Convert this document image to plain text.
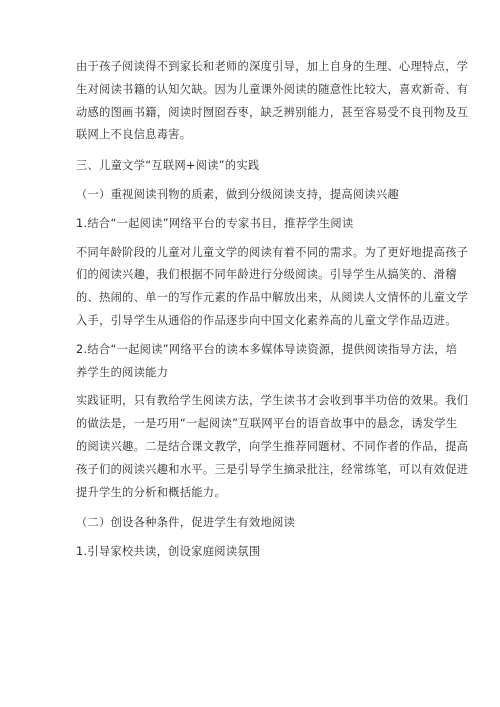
由于孩子阅读得不到家长和老师的深度引导，加上自身的生理、心理特点，学
生对阅读书籍的认知欠缺。因为儿童课外阅读的随意性比较大，喜欢新奇、有
动感的图画书籍，阅读时囫囵吞枣，缺乏辨别能力，甚至容易受不良刊物及互
联网上不良信息毒害。
三、儿童文学“互联网+阅读”的实践
（一）重视阅读刊物的质素，做到分级阅读支持，提高阅读兴趣
1.结合“一起阅读”网络平台的专家书目，推荐学生阅读
不同年龄阶段的儿童对儿童文学的阅读有着不同的需求。为了更好地提高孩子
们的阅读兴趣，我们根据不同年龄进行分级阅读。引导学生从搞笑的、滑稽
的、热闹的、单一的写作元素的作品中解放出来，从阅读人文情怀的儿童文学
入手，引导学生从通俗的作品逐步向中国文化素养高的儿童文学作品迈进。
2.结合“一起阅读”网络平台的读本多媒体导读资源，提供阅读指导方法，培
养学生的阅读能力
实践证明，只有教给学生阅读方法，学生读书才会收到事半功倍的效果。我们
的做法是，一是巧用“一起阅读”互联网平台的语音故事中的悬念，诱发学生
的阅读兴趣。二是结合课文教学，向学生推荐同题材、不同作者的作品，提高
孩子们的阅读兴趣和水平。三是引导学生摘录批注，经常练笔，可以有效促进
提升学生的分析和概括能力。
（二）创设各种条件，促进学生有效地阅读
1.引导家校共读，创设家庭阅读氛围
